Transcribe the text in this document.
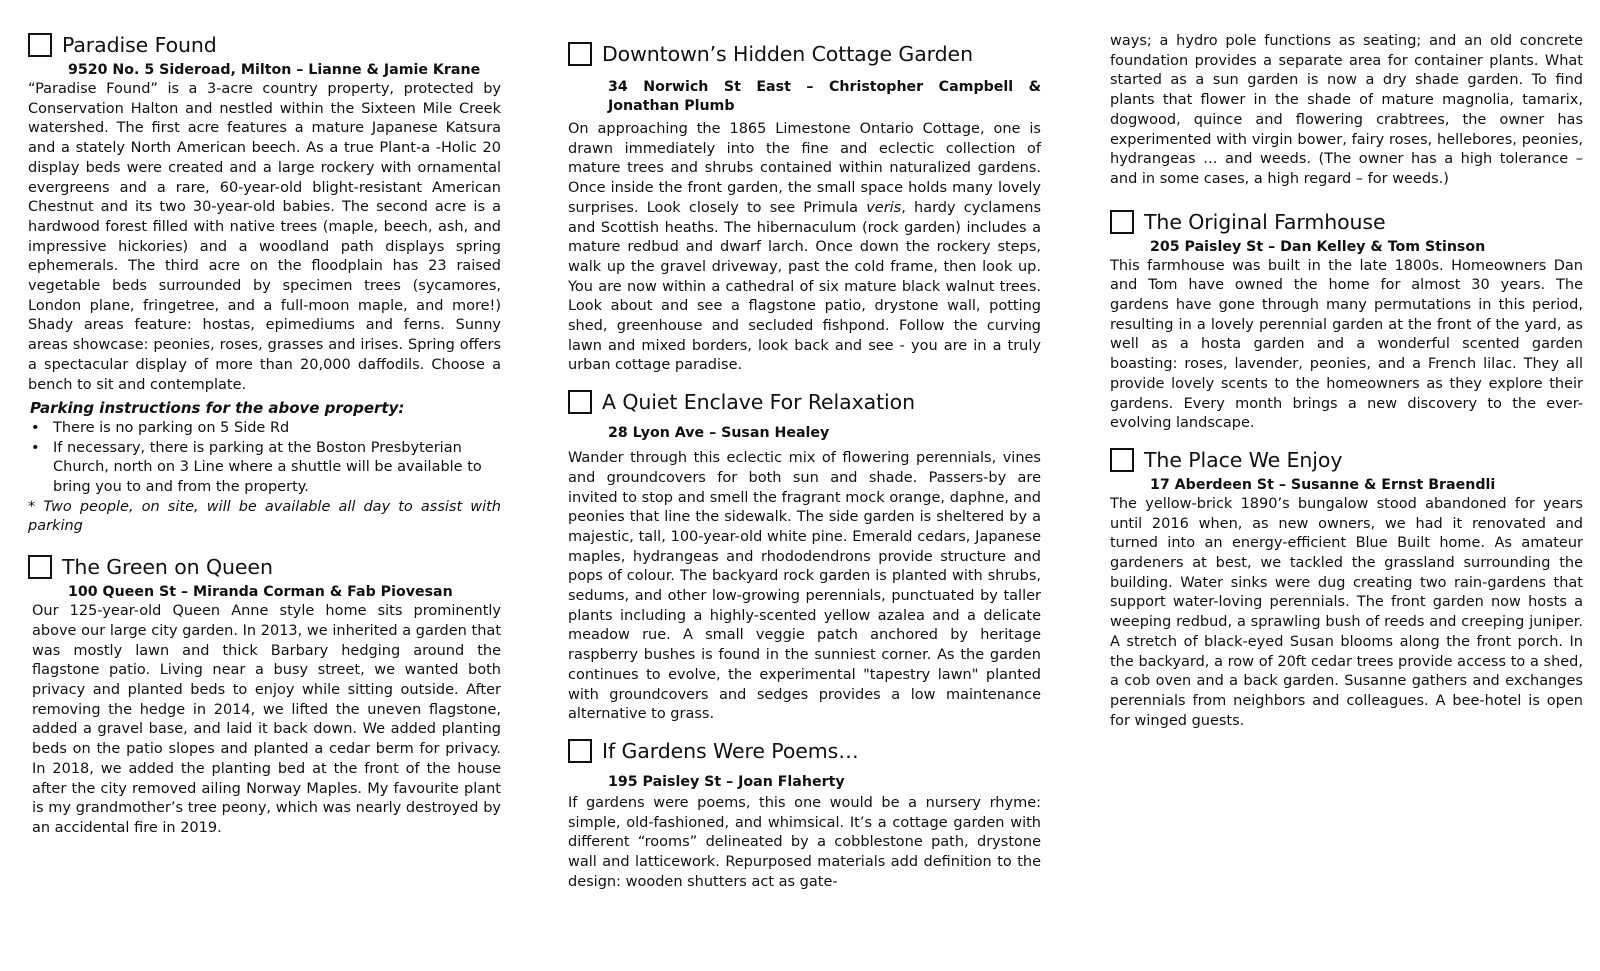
Paradise Found
9520 No. 5 Sideroad, Milton – Lianne & Jamie Krane

“Paradise Found” is a 3-acre country property, protected by Conservation Halton and nestled within the Sixteen Mile Creek watershed. The first acre features a mature Japanese Katsura and a stately North American beech. As a true Plant-a -Holic 20 display beds were created and a large rockery with ornamental evergreens and a rare, 60-year-old blight-resistant American Chestnut and its two 30-year-old babies. The second acre is a hardwood forest filled with native trees (maple, beech, ash, and impressive hickories) and a woodland path displays spring ephemerals. The third acre on the floodplain has 23 raised vegetable beds surrounded by specimen trees (sycamores, London plane, fringetree, and a full-moon maple, and more!) Shady areas feature: hostas, epimediums and ferns. Sunny areas showcase: peonies, roses, grasses and irises. Spring offers a spectacular display of more than 20,000 daffodils. Choose a bench to sit and contemplate.

Parking instructions for the above property:
• There is no parking on 5 Side Rd
• If necessary, there is parking at the Boston Presbyterian Church, north on 3 Line where a shuttle will be available to bring you to and from the property.

* Two people, on site, will be available all day to assist with parking

The Green on Queen
100 Queen St – Miranda Corman & Fab Piovesan

Our 125-year-old Queen Anne style home sits prominently above our large city garden. In 2013, we inherited a garden that was mostly lawn and thick Barbary hedging around the flagstone patio. Living near a busy street, we wanted both privacy and planted beds to enjoy while sitting outside. After removing the hedge in 2014, we lifted the uneven flagstone, added a gravel base, and laid it back down. We added planting beds on the patio slopes and planted a cedar berm for privacy. In 2018, we added the planting bed at the front of the house after the city removed ailing Norway Maples. My favourite plant is my grandmother’s tree peony, which was nearly destroyed by an accidental fire in 2019.

Downtown’s Hidden Cottage Garden
34 Norwich St East – Christopher Campbell & Jonathan Plumb

On approaching the 1865 Limestone Ontario Cottage, one is drawn immediately into the fine and eclectic collection of mature trees and shrubs contained within naturalized gardens. Once inside the front garden, the small space holds many lovely surprises. Look closely to see Primula veris, hardy cyclamens and Scottish heaths. The hibernaculum (rock garden) includes a mature redbud and dwarf larch. Once down the rockery steps, walk up the gravel driveway, past the cold frame, then look up. You are now within a cathedral of six mature black walnut trees. Look about and see a flagstone patio, drystone wall, potting shed, greenhouse and secluded fishpond. Follow the curving lawn and mixed borders, look back and see - you are in a truly urban cottage paradise.

A Quiet Enclave For Relaxation
28 Lyon Ave – Susan Healey

Wander through this eclectic mix of flowering perennials, vines and groundcovers for both sun and shade. Passers-by are invited to stop and smell the fragrant mock orange, daphne, and peonies that line the sidewalk. The side garden is sheltered by a majestic, tall, 100-year-old white pine. Emerald cedars, Japanese maples, hydrangeas and rhododendrons provide structure and pops of colour. The backyard rock garden is planted with shrubs, sedums, and other low-growing perennials, punctuated by taller plants including a highly-scented yellow azalea and a delicate meadow rue. A small veggie patch anchored by heritage raspberry bushes is found in the sunniest corner. As the garden continues to evolve, the experimental "tapestry lawn" planted with groundcovers and sedges provides a low maintenance alternative to grass.

If Gardens Were Poems…
195 Paisley St – Joan Flaherty

If gardens were poems, this one would be a nursery rhyme: simple, old-fashioned, and whimsical. It’s a cottage garden with different “rooms” delineated by a cobblestone path, drystone wall and latticework. Repurposed materials add definition to the design: wooden shutters act as gate-

ways; a hydro pole functions as seating; and an old concrete foundation provides a separate area for container plants. What started as a sun garden is now a dry shade garden. To find plants that flower in the shade of mature magnolia, tamarix, dogwood, quince and flowering crabtrees, the owner has experimented with virgin bower, fairy roses, hellebores, peonies, hydrangeas … and weeds. (The owner has a high tolerance – and in some cases, a high regard – for weeds.)

The Original Farmhouse
205 Paisley St – Dan Kelley & Tom Stinson

This farmhouse was built in the late 1800s. Homeowners Dan and Tom have owned the home for almost 30 years. The gardens have gone through many permutations in this period, resulting in a lovely perennial garden at the front of the yard, as well as a hosta garden and a wonderful scented garden boasting: roses, lavender, peonies, and a French lilac. They all provide lovely scents to the homeowners as they explore their gardens. Every month brings a new discovery to the ever-evolving landscape.

The Place We Enjoy
17 Aberdeen St – Susanne & Ernst Braendli

The yellow-brick 1890’s bungalow stood abandoned for years until 2016 when, as new owners, we had it renovated and turned into an energy-efficient Blue Built home. As amateur gardeners at best, we tackled the grassland surrounding the building. Water sinks were dug creating two rain-gardens that support water-loving perennials. The front garden now hosts a weeping redbud, a sprawling bush of reeds and creeping juniper. A stretch of black-eyed Susan blooms along the front porch. In the backyard, a row of 20ft cedar trees provide access to a shed, a cob oven and a back garden. Susanne gathers and exchanges perennials from neighbors and colleagues. A bee-hotel is open for winged guests.
